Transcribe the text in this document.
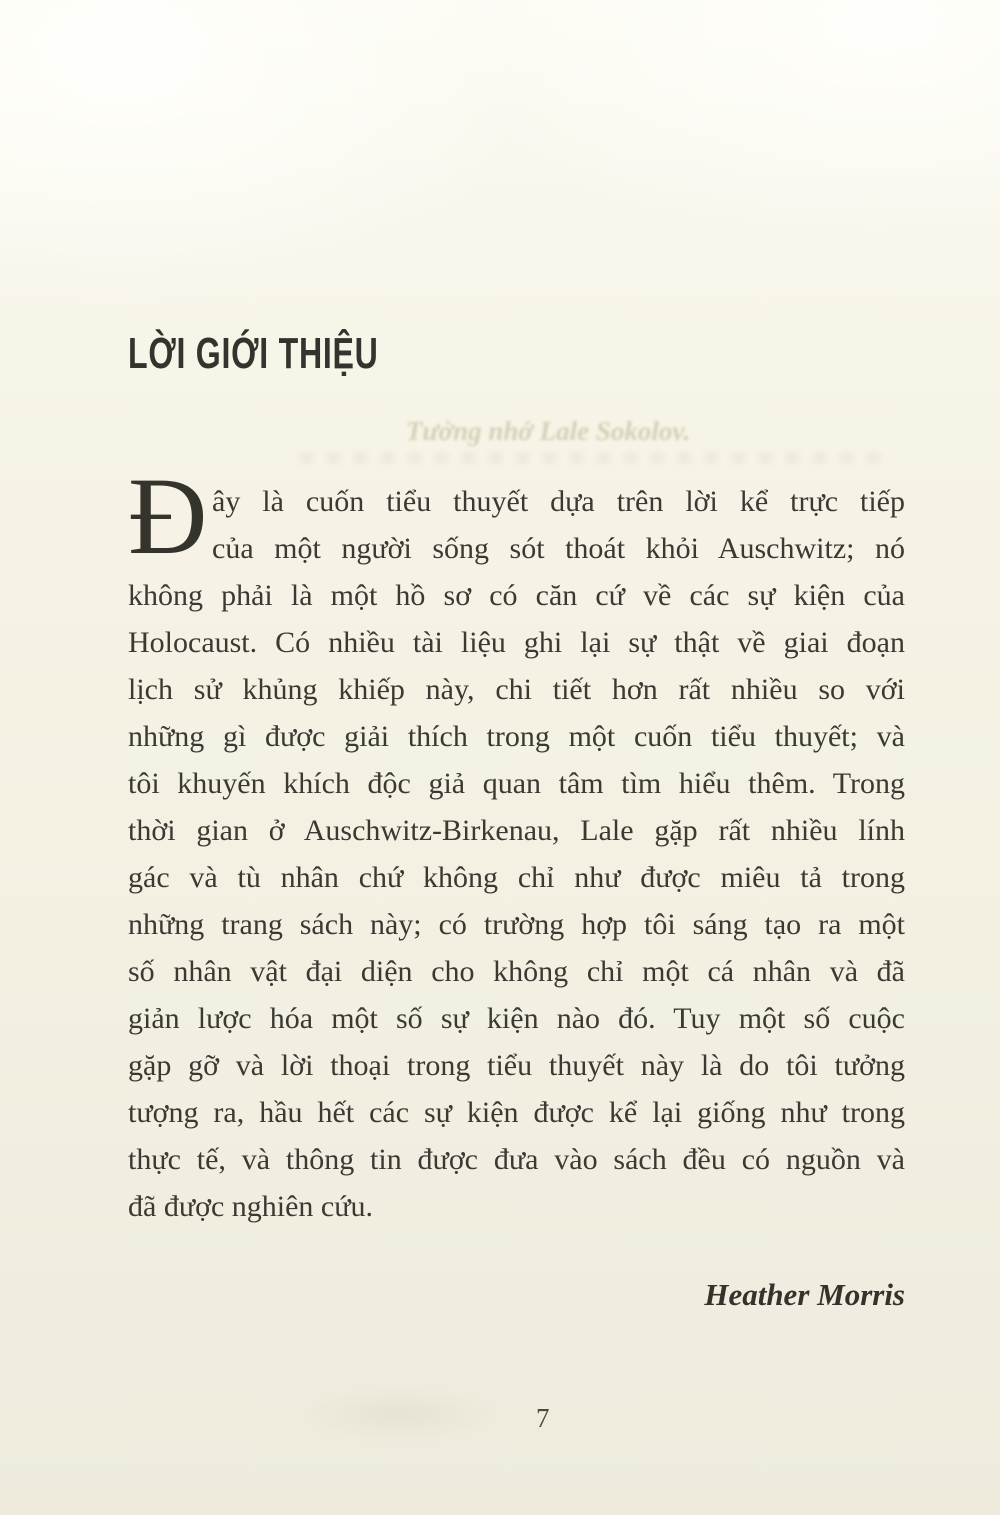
LỜI GIỚI THIỆU
Tưởng nhớ Lale Sokolov.
Đ ây là cuốn tiểu thuyết dựa trên lời kể trực tiếp
của một người sống sót thoát khỏi Auschwitz; nó
không phải là một hồ sơ có căn cứ về các sự kiện của
Holocaust. Có nhiều tài liệu ghi lại sự thật về giai đoạn
lịch sử khủng khiếp này, chi tiết hơn rất nhiều so với
những gì được giải thích trong một cuốn tiểu thuyết; và
tôi khuyến khích độc giả quan tâm tìm hiểu thêm. Trong
thời gian ở Auschwitz-Birkenau, Lale gặp rất nhiều lính
gác và tù nhân chứ không chỉ như được miêu tả trong
những trang sách này; có trường hợp tôi sáng tạo ra một
số nhân vật đại diện cho không chỉ một cá nhân và đã
giản lược hóa một số sự kiện nào đó. Tuy một số cuộc
gặp gỡ và lời thoại trong tiểu thuyết này là do tôi tưởng
tượng ra, hầu hết các sự kiện được kể lại giống như trong
thực tế, và thông tin được đưa vào sách đều có nguồn và
đã được nghiên cứu.
Heather Morris
7
